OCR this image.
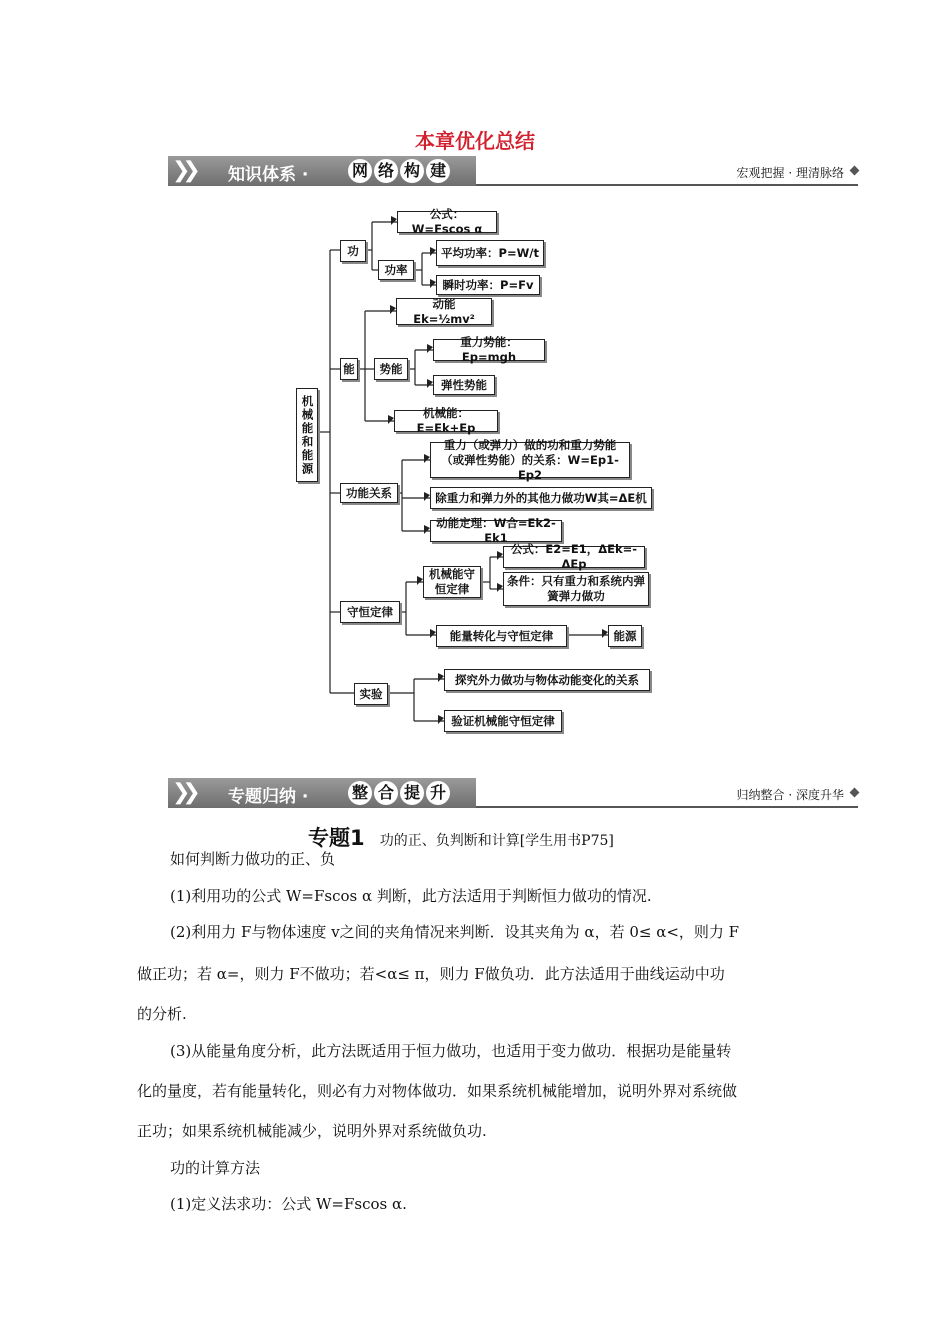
本章优化总结
❯❯	知识体系 ·	网 络 构 建	宏观把握 · 理清脉络
机械能和能源
功
公式：W=Fscos α
功率
平均功率：P=W/t
瞬时功率：P=Fv
能
动能 Ek=½mv²
势能
重力势能：Ep=mgh
弹性势能
机械能：E=Ek+Ep
功能关系
重力（或弹力）做的功和重力势能（或弹性势能）的关系：W=Ep1-Ep2
除重力和弹力外的其他力做功W其=ΔE机
动能定理：W合=Ek2-Ek1
守恒定律
机械能守恒定律
公式：E2=E1，ΔEk=-ΔEp
条件：只有重力和系统内弹簧弹力做功
能量转化与守恒定律	能源
实验
探究外力做功与物体动能变化的关系
验证机械能守恒定律
❯❯	专题归纳 ·	整 合 提 升	归纳整合 · 深度升华
专题1 功的正、负判断和计算[学生用书P75]
如何判断力做功的正、负
(1)利用功的公式 W=Fscos α 判断，此方法适用于判断恒力做功的情况.
(2)利用力 F与物体速度 v之间的夹角情况来判断．设其夹角为 α，若 0≤ α<，则力 F
做正功；若 α=，则力 F不做功；若<α≤ π，则力 F做负功．此方法适用于曲线运动中功
的分析.
(3)从能量角度分析，此方法既适用于恒力做功，也适用于变力做功．根据功是能量转
化的量度，若有能量转化，则必有力对物体做功．如果系统机械能增加，说明外界对系统做
正功；如果系统机械能减少，说明外界对系统做负功.
功的计算方法
(1)定义法求功：公式 W=Fscos α.
